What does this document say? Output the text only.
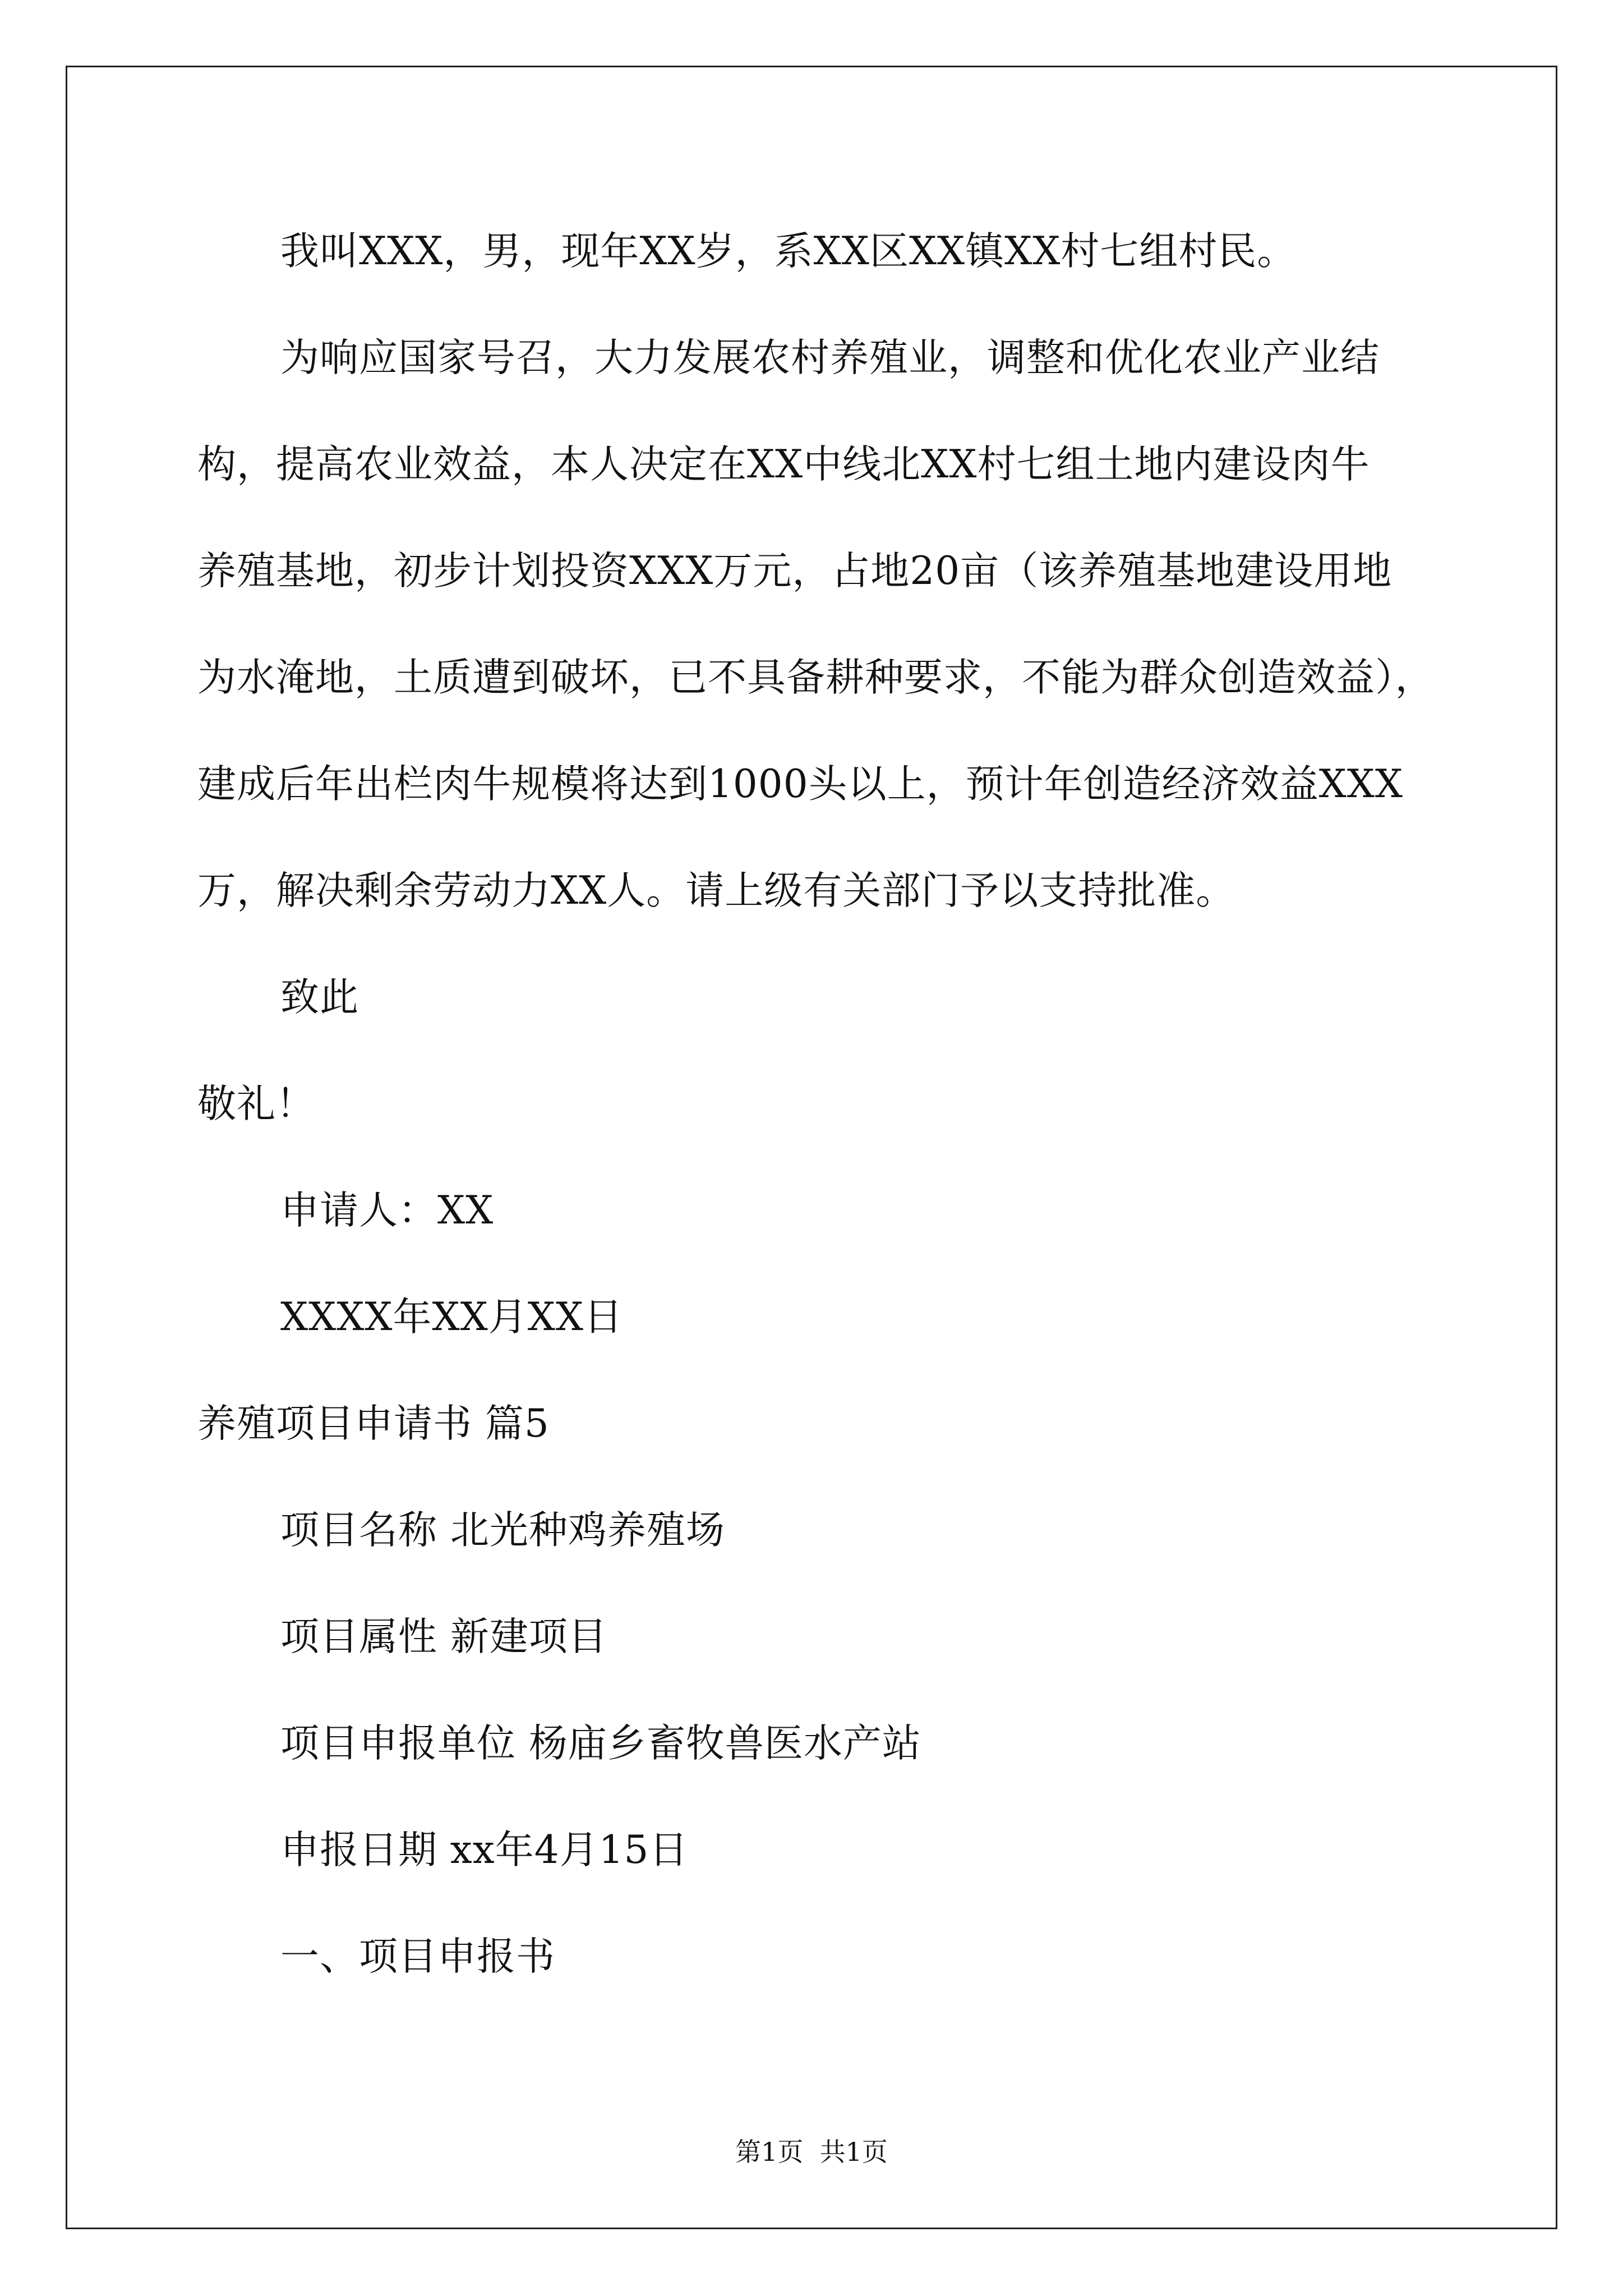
我叫XXX，男，现年XX岁，系XX区XX镇XX村七组村民。
为响应国家号召，大力发展农村养殖业，调整和优化农业产业结
构，提高农业效益，本人决定在XX中线北XX村七组土地内建设肉牛
养殖基地，初步计划投资XXX万元，占地20亩（该养殖基地建设用地
为水淹地，土质遭到破坏，已不具备耕种要求，不能为群众创造效益），
建成后年出栏肉牛规模将达到1000头以上，预计年创造经济效益XXX
万，解决剩余劳动力XX人。请上级有关部门予以支持批准。
致此
敬礼！
申请人：XX
XXXX年XX月XX日
养殖项目申请书 篇5
项目名称 北光种鸡养殖场
项目属性 新建项目
项目申报单位 杨庙乡畜牧兽医水产站
申报日期 xx年4月15日
一、项目申报书
第1页  共1页
